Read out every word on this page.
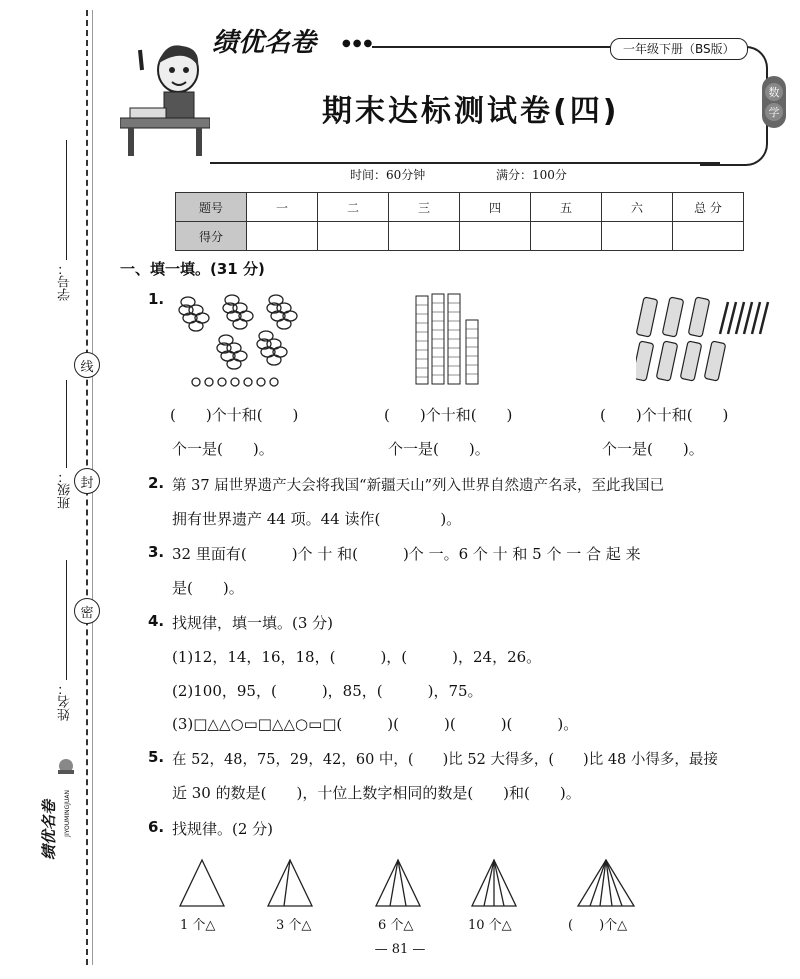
学号：
线
班级： 封
密
姓名：
绩优名卷 JIYOUMINGJUAN
绩优名卷	●●●	一年级下册（BS版）
数
学
期末达标测试卷(四)
时间：60分钟	满分：100分
题号	一	二	三	四	五	六	总 分
得分							
一、填一填。(31 分)
1.
(　　)个十和(　　)	(　　)个十和(　　)	(　　)个十和(　　)
个一是(　　)。	个一是(　　)。	个一是(　　)。
2. 第 37 届世界遗产大会将我国“新疆天山”列入世界自然遗产名录，至此我国已
拥有世界遗产 44 项。44 读作(　　　　)。
3. 32 里面有(　　　)个 十 和(　　　)个 一。6 个 十 和 5 个 一 合 起 来
是(　　)。
4. 找规律，填一填。(3 分)
(1)12，14，16，18，(　　　)，(　　　)，24，26。
(2)100，95，(　　　)，85，(　　　)，75。
(3)□△△○▭□△△○▭□(　　　)(　　　)(　　　)(　　　)。
5. 在 52，48，75，29，42，60 中，(　　)比 52 大得多，(　　)比 48 小得多，最接
近 30 的数是(　　)，十位上数字相同的数是(　　)和(　　)。
6. 找规律。(2 分)
1 个△	3 个△	6 个△	10 个△	(　　)个△
— 81 —
